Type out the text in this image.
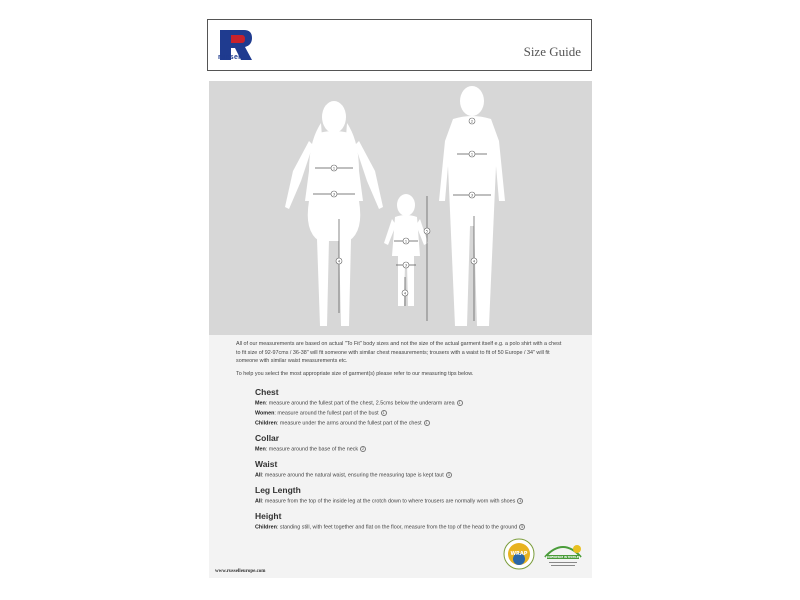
russell	Size Guide
1
3
4
1
3
4
5
2
1
3
4

All of our measurements are based on actual "To Fit" body sizes and not the size of the actual garment itself e.g. a polo shirt with a chest to fit size of 92-97cms / 36-38" will fit someone with similar chest measurements; trousers with a waist to fit of 50 Europe / 34" will fit someone with similar waist measurements etc.

To help you select the most appropriate size of garment(s) please refer to our measuring tips below.

Chest
Men: measure around the fullest part of the chest, 2.5cms below the underarm area 1
Women: measure around the fullest part of the bust 1
Children: measure under the arms around the fullest part of the chest 1
Collar
Men: measure around the base of the neck 2
Waist
All: measure around the natural waist, ensuring the measuring tape is kept taut 3
Leg Length
All: measure from the top of the inside leg at the crotch down to where trousers are normally worn with shoes 4
Height
Children: standing still, with feet together and flat on the floor, measure from the top of the head to the ground 5
www.russelleurope.com
WRAP
CONFIDENCE IN TEXTILES
